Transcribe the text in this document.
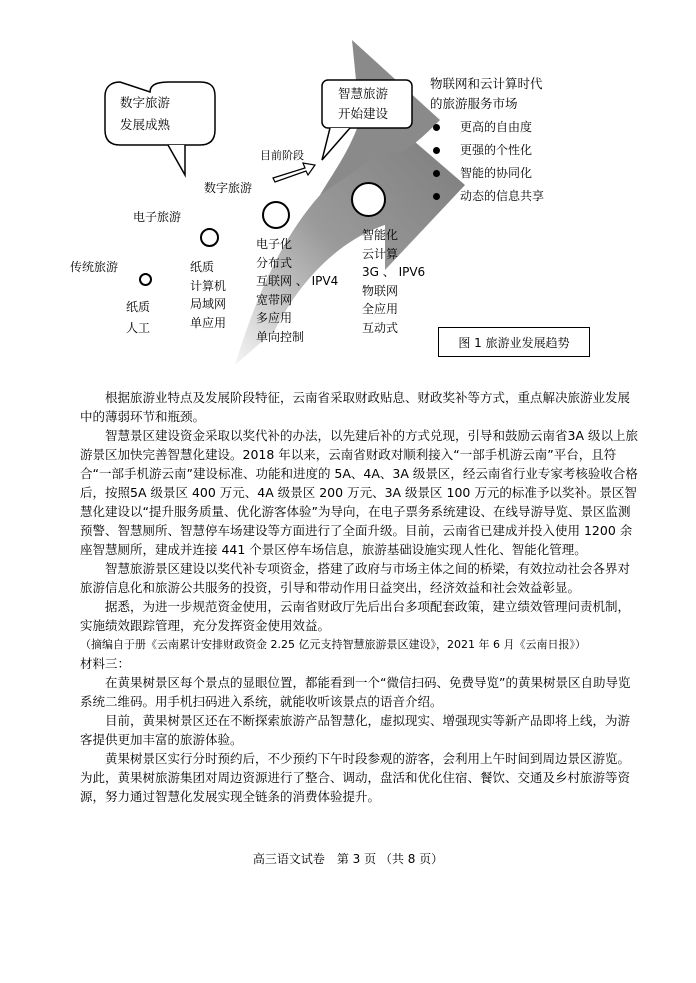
数字旅游
发展成熟
智慧旅游
开始建设
目前阶段
物联网和云计算时代
的旅游服务市场
更高的自由度
更强的个性化
智能的协同化
动态的信息共享
数字旅游
电子旅游
传统旅游
纸质
人工
纸质
计算机
局域网
单应用
电子化
分布式
互联网 、 IPV4
宽带网
多应用
单向控制
智能化
云计算
3G 、 IPV6
物联网
全应用
互动式
图 1 旅游业发展趋势

根据旅游业特点及发展阶段特征，云南省采取财政贴息、财政奖补等方式，重点解决旅游业发展中的薄弱环节和瓶颈。

智慧景区建设资金采取以奖代补的办法，以先建后补的方式兑现，引导和鼓励云南省3A 级以上旅游景区加快完善智慧化建设。2018 年以来，云南省财政对顺利接入“一部手机游云南”平台，且符合“一部手机游云南”建设标准、功能和进度的 5A、4A、3A 级景区，经云南省行业专家考核验收合格后，按照5A 级景区 400 万元、4A 级景区 200 万元、3A 级景区 100 万元的标准予以奖补。景区智慧化建设以“提升服务质量、优化游客体验”为导向，在电子票务系统建设、在线导游导览、景区监测预警、智慧厕所、智慧停车场建设等方面进行了全面升级。目前，云南省已建成并投入使用 1200 余座智慧厕所，建成并连接 441 个景区停车场信息，旅游基础设施实现人性化、智能化管理。

智慧旅游景区建设以奖代补专项资金，搭建了政府与市场主体之间的桥梁，有效拉动社会各界对旅游信息化和旅游公共服务的投资，引导和带动作用日益突出，经济效益和社会效益彰显。

据悉，为进一步规范资金使用，云南省财政厅先后出台多项配套政策，建立绩效管理问责机制，实施绩效跟踪管理，充分发挥资金使用效益。

（摘编自于册《云南累计安排财政资金 2.25 亿元支持智慧旅游景区建设》，2021 年 6 月《云南日报》）

材料三：

在黄果树景区每个景点的显眼位置，都能看到一个“微信扫码、免费导览”的黄果树景区自助导览系统二维码。用手机扫码进入系统，就能收听该景点的语音介绍。

目前，黄果树景区还在不断探索旅游产品智慧化，虚拟现实、增强现实等新产品即将上线，为游客提供更加丰富的旅游体验。

黄果树景区实行分时预约后，不少预约下午时段参观的游客，会利用上午时间到周边景区游览。为此，黄果树旅游集团对周边资源进行了整合、调动，盘活和优化住宿、餐饮、交通及乡村旅游等资源，努力通过智慧化发展实现全链条的消费体验提升。

高三语文试卷　第 3 页 （共 8 页）
